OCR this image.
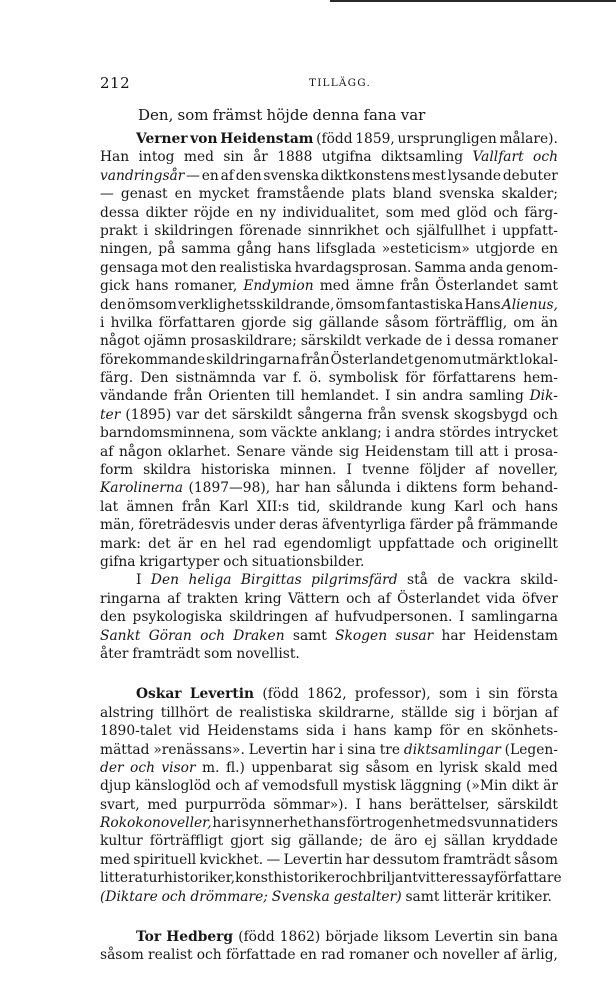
212	TILLÄGG.
Den, som främst höjde denna fana var
Verner von Heidenstam (född 1859, ursprungligen målare).
Han intog med sin år 1888 utgifna diktsamling Vallfart och
vandringsår — en af den svenska diktkonstens mest lysande debuter
— genast en mycket framstående plats bland svenska skalder;
dessa dikter röjde en ny individualitet, som med glöd och färg-
prakt i skildringen förenade sinnrikhet och själfullhet i uppfatt-
ningen, på samma gång hans lifsglada »esteticism» utgjorde en
gensaga mot den realistiska hvardagsprosan. Samma anda genom-
gick hans romaner, Endymion med ämne från Österlandet samt
den ömsom verklighetsskildrande, ömsom fantastiska Hans Alienus,
i hvilka författaren gjorde sig gällande såsom förträfflig, om än
något ojämn prosaskildrare; särskildt verkade de i dessa romaner
förekommande skildringarna från Österlandet genom utmärkt lokal-
färg. Den sistnämnda var f. ö. symbolisk för författarens hem-
vändande från Orienten till hemlandet. I sin andra samling Dik-
ter (1895) var det särskildt sångerna från svensk skogsbygd och
barndomsminnena, som väckte anklang; i andra stördes intrycket
af någon oklarhet. Senare vände sig Heidenstam till att i prosa-
form skildra historiska minnen. I tvenne följder af noveller,
Karolinerna (1897—98), har han sålunda i diktens form behand-
lat ämnen från Karl XII:s tid, skildrande kung Karl och hans
män, företrädesvis under deras äfventyrliga färder på främmande
mark: det är en hel rad egendomligt uppfattade och originellt
gifna krigartyper och situationsbilder.
I Den heliga Birgittas pilgrimsfärd stå de vackra skild-
ringarna af trakten kring Vättern och af Österlandet vida öfver
den psykologiska skildringen af hufvudpersonen. I samlingarna
Sankt Göran och Draken samt Skogen susar har Heidenstam
åter framträdt som novellist.
Oskar Levertin (född 1862, professor), som i sin första
alstring tillhört de realistiska skildrarne, ställde sig i början af
1890-talet vid Heidenstams sida i hans kamp för en skönhets-
mättad »renässans». Levertin har i sina tre diktsamlingar (Legen-
der och visor m. fl.) uppenbarat sig såsom en lyrisk skald med
djup känsloglöd och af vemodsfull mystisk läggning (»Min dikt är
svart, med purpurröda sömmar»). I hans berättelser, särskildt
Rokokonoveller, har i synnerhet hans förtrogenhet med svunna tiders
kultur förträffligt gjort sig gällande; de äro ej sällan kryddade
med spirituell kvickhet. — Levertin har dessutom framträdt såsom
litteraturhistoriker, konsthistoriker och briljant vitter essayförfattare
(Diktare och drömmare; Svenska gestalter) samt litterär kritiker.
Tor Hedberg (född 1862) började liksom Levertin sin bana
såsom realist och författade en rad romaner och noveller af ärlig,
